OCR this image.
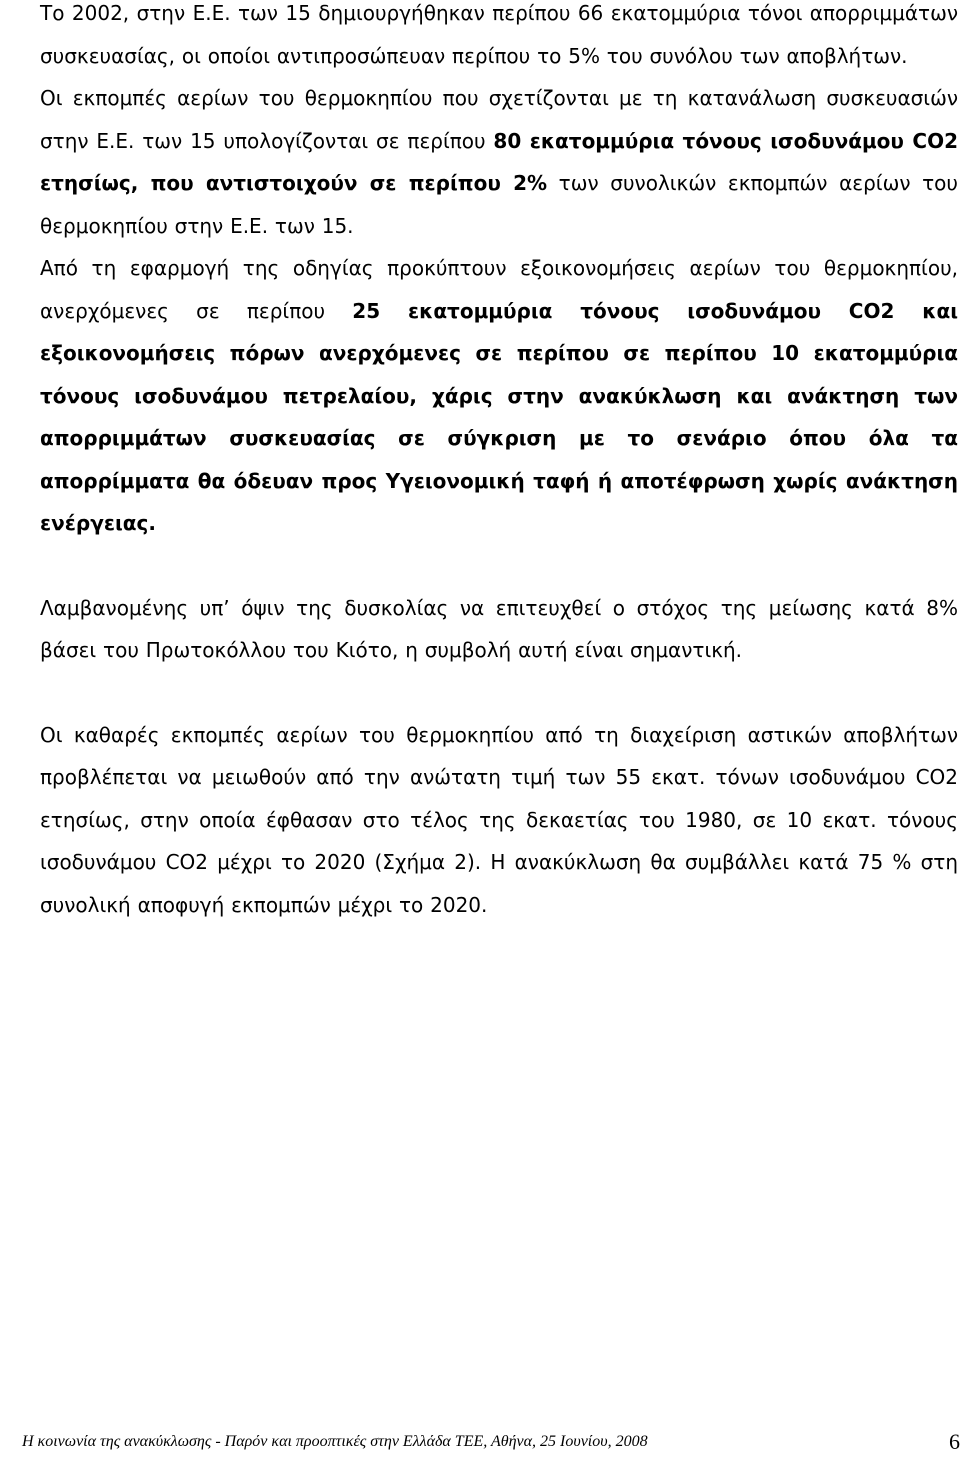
Το 2002, στην Ε.Ε. των 15 δημιουργήθηκαν περίπου 66 εκατομμύρια τόνοι απορριμμάτων συσκευασίας, οι οποίοι αντιπροσώπευαν περίπου το 5% του συνόλου των αποβλήτων.

Οι εκπομπές αερίων του θερμοκηπίου που σχετίζονται με τη κατανάλωση συσκευασιών στην Ε.Ε. των 15 υπολογίζονται σε περίπου 80 εκατομμύρια τόνους ισοδυνάμου CO2 ετησίως, που αντιστοιχούν σε περίπου 2% των συνολικών εκπομπών αερίων του θερμοκηπίου στην Ε.Ε. των 15.

Από τη εφαρμογή της οδηγίας προκύπτουν εξοικονομήσεις αερίων του θερμοκηπίου, ανερχόμενες σε περίπου 25 εκατομμύρια τόνους ισοδυνάμου CO2 και εξοικονομήσεις πόρων ανερχόμενες σε περίπου σε περίπου 10 εκατομμύρια τόνους ισοδυνάμου πετρελαίου, χάρις στην ανακύκλωση και ανάκτηση των απορριμμάτων συσκευασίας σε σύγκριση με το σενάριο όπου όλα τα απορρίμματα θα όδευαν προς Υγειονομική ταφή ή αποτέφρωση χωρίς ανάκτηση ενέργειας.

Λαμβανομένης υπ’ όψιν της δυσκολίας να επιτευχθεί ο στόχος της μείωσης κατά 8% βάσει του Πρωτοκόλλου του Κιότο, η συμβολή αυτή είναι σημαντική.

Οι καθαρές εκπομπές αερίων του θερμοκηπίου από τη διαχείριση αστικών αποβλήτων προβλέπεται να μειωθούν από την ανώτατη τιμή των 55 εκατ. τόνων ισοδυνάμου CO2 ετησίως, στην οποία έφθασαν στο τέλος της δεκαετίας του 1980, σε 10 εκατ. τόνους ισοδυνάμου CO2 μέχρι το 2020 (Σχήμα 2). Η ανακύκλωση θα συμβάλλει κατά 75 % στη συνολική αποφυγή εκπομπών μέχρι το 2020.

Η κοινωνία της ανακύκλωσης - Παρόν και προοπτικές στην Ελλάδα ΤΕΕ, Αθήνα, 25 Ιουνίου, 2008	6
